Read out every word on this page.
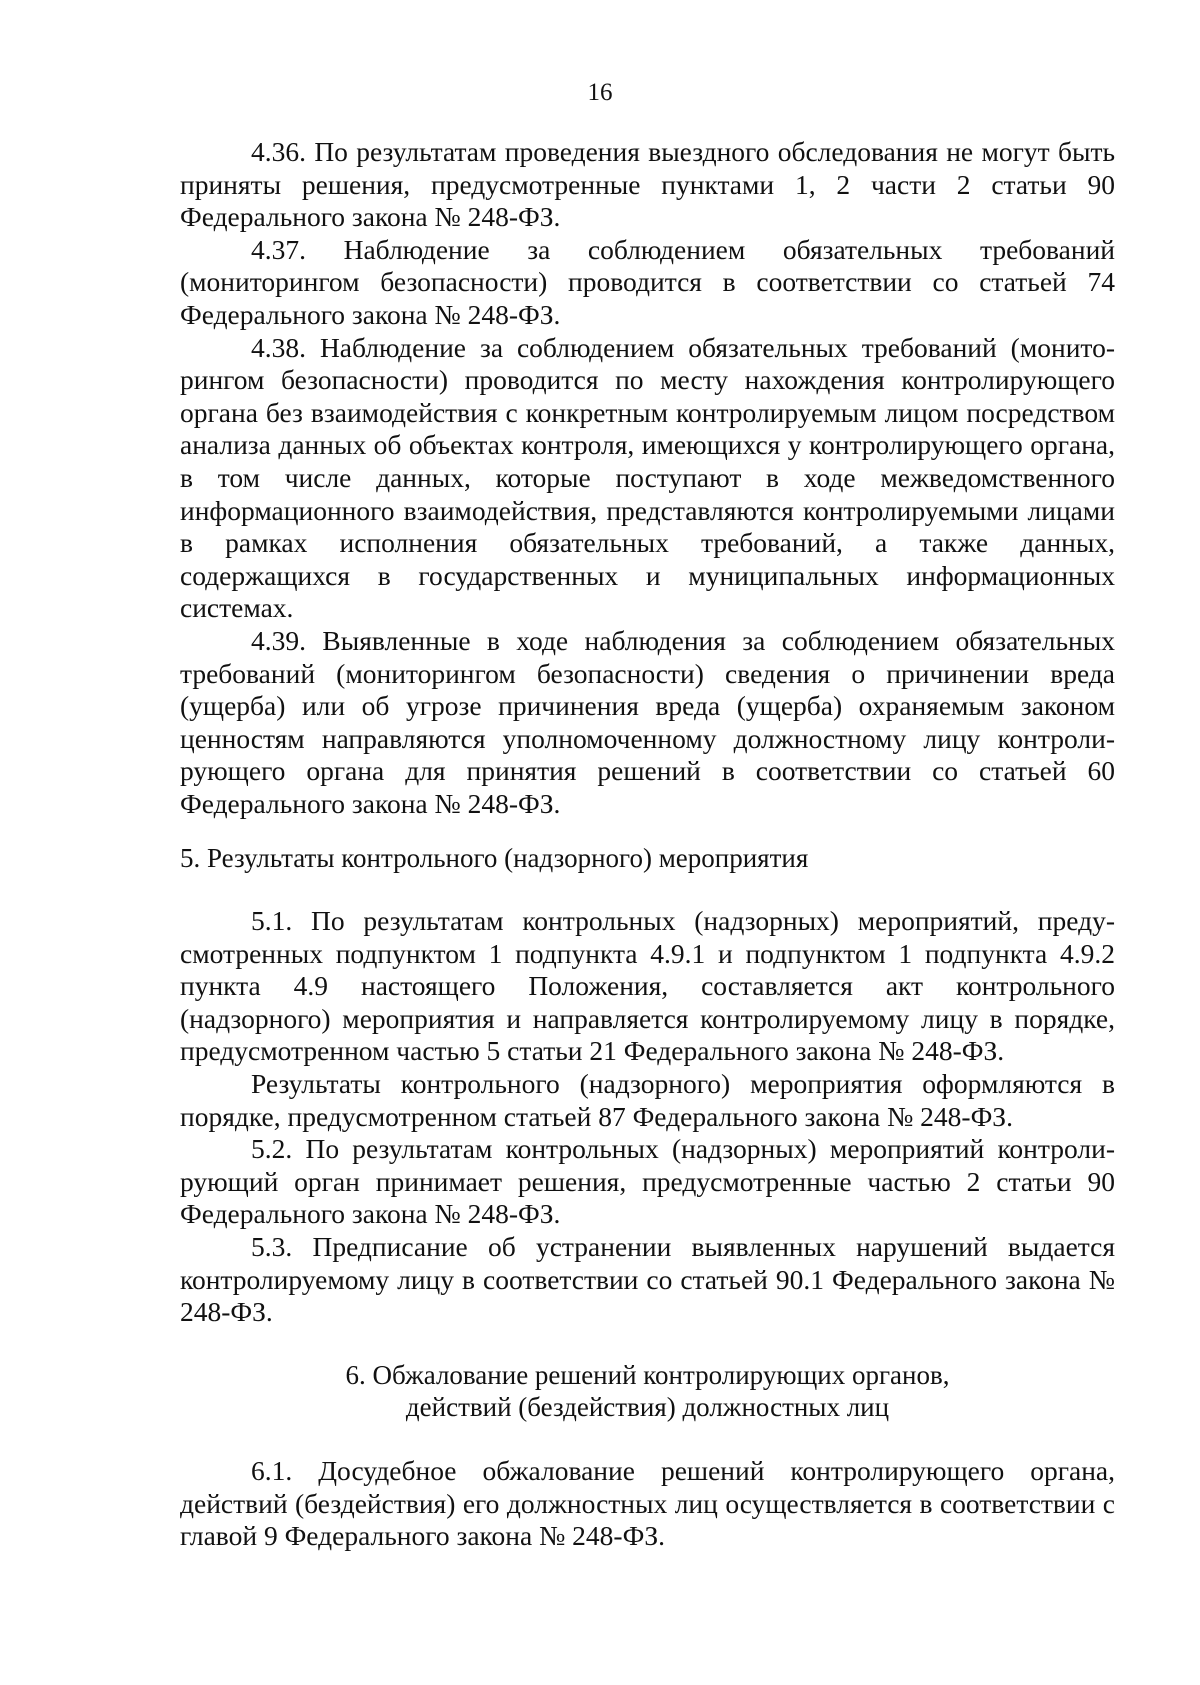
16

4.36. По результатам проведения выездного обследования не могут быть приняты решения, предусмотренные пунктами 1, 2 части 2 статьи 90 Федерального закона № 248-ФЗ.

4.37. Наблюдение за соблюдением обязательных требований (мониторингом безопасности) проводится в соответствии со статьей 74 Федерального закона № 248-ФЗ.

4.38. Наблюдение за соблюдением обязательных требований (мониторингом безопасности) проводится по месту нахождения контролирующего органа без взаимодействия с конкретным контролируемым лицом посредством анализа данных об объектах контроля, имеющихся у контролирующего органа, в том числе данных, которые поступают в ходе межведомственного информационного взаимодействия, представляются контролируемыми лицами в рамках исполнения обязательных требований, а также данных, содержащихся в государственных и муниципальных информационных системах.

4.39. Выявленные в ходе наблюдения за соблюдением обязательных требований (мониторингом безопасности) сведения о причинении вреда (ущерба) или об угрозе причинения вреда (ущерба) охраняемым законом ценностям направляются уполномоченному должностному лицу контролирующего органа для принятия решений в соответствии со статьей 60 Федерального закона № 248-ФЗ.

5. Результаты контрольного (надзорного) мероприятия

5.1. По результатам контрольных (надзорных) мероприятий, предусмотренных подпунктом 1 подпункта 4.9.1 и подпунктом 1 подпункта 4.9.2 пункта 4.9 настоящего Положения, составляется акт контрольного (надзорного) мероприятия и направляется контролируемому лицу в порядке, предусмотренном частью 5 статьи 21 Федерального закона № 248-ФЗ.

Результаты контрольного (надзорного) мероприятия оформляются в порядке, предусмотренном статьей 87 Федерального закона № 248-ФЗ.

5.2. По результатам контрольных (надзорных) мероприятий контролирующий орган принимает решения, предусмотренные частью 2 статьи 90 Федерального закона № 248-ФЗ.

5.3. Предписание об устранении выявленных нарушений выдается контролируемому лицу в соответствии со статьей 90.1 Федерального закона № 248-ФЗ.

6. Обжалование решений контролирующих органов,
действий (бездействия) должностных лиц

6.1. Досудебное обжалование решений контролирующего органа, действий (бездействия) его должностных лиц осуществляется в соответствии с главой 9 Федерального закона № 248-ФЗ.
